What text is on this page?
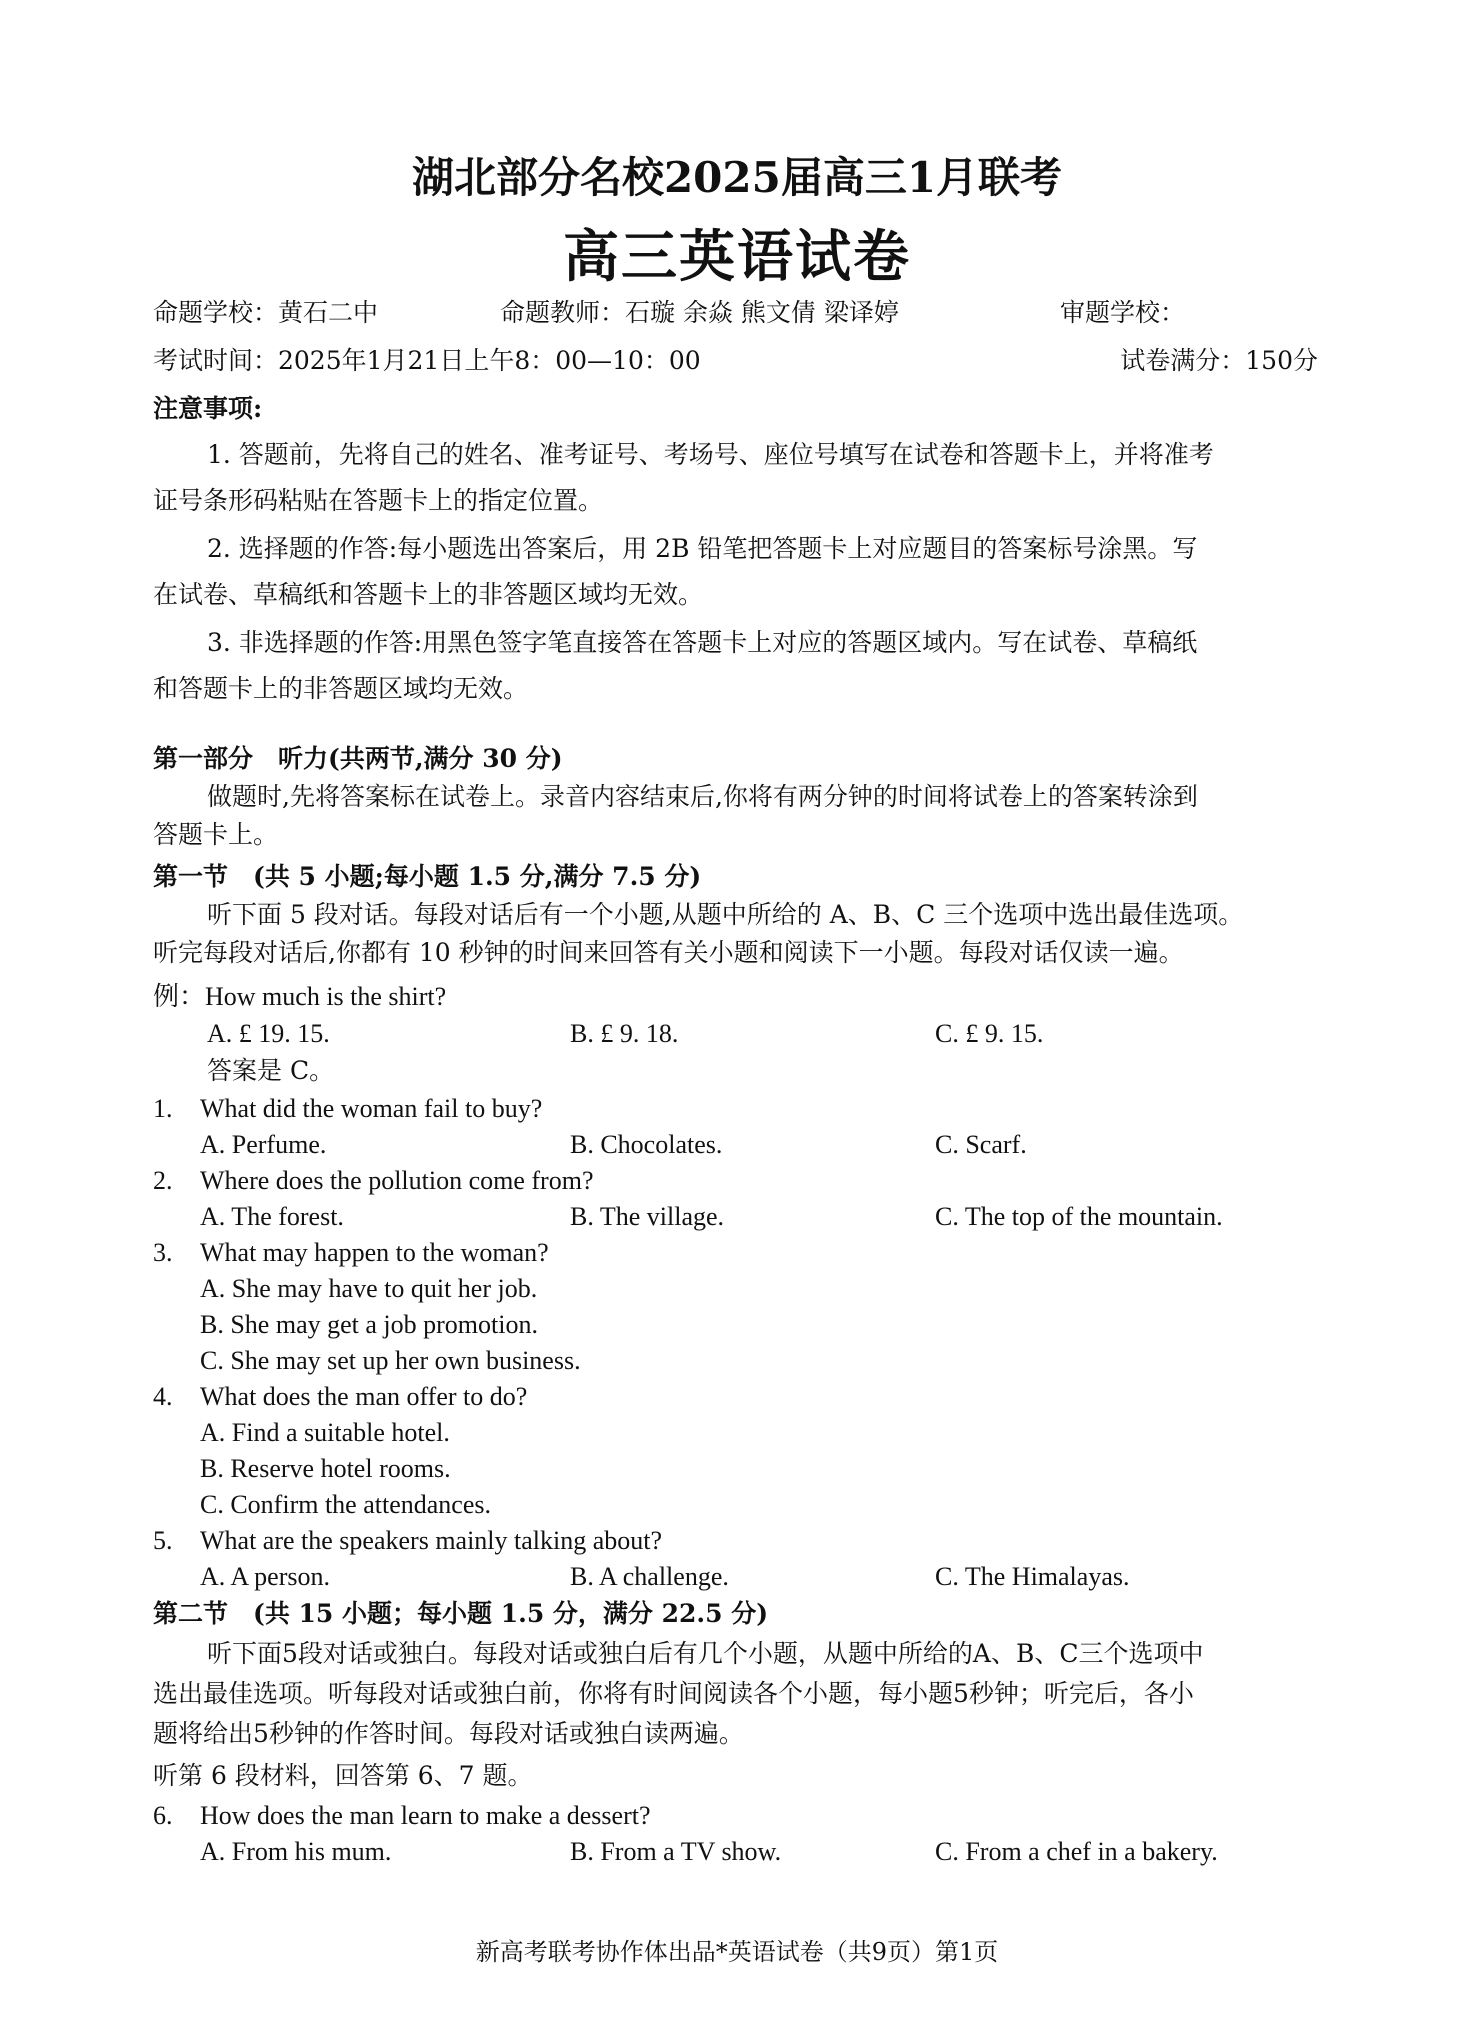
湖北部分名校2025届高三1月联考
高三英语试卷
命题学校：黄石二中	命题教师：石璇 余焱 熊文倩 梁译婷	审题学校：
考试时间：2025年1月21日上午8：00—10：00	试卷满分：150分
注意事项:
1. 答题前，先将自己的姓名、准考证号、考场号、座位号填写在试卷和答题卡上，并将准考
证号条形码粘贴在答题卡上的指定位置。
2. 选择题的作答:每小题选出答案后，用 2B 铅笔把答题卡上对应题目的答案标号涂黑。写
在试卷、草稿纸和答题卡上的非答题区域均无效。
3. 非选择题的作答:用黑色签字笔直接答在答题卡上对应的答题区域内。写在试卷、草稿纸
和答题卡上的非答题区域均无效。
第一部分　听力(共两节,满分 30 分)
做题时,先将答案标在试卷上。录音内容结束后,你将有两分钟的时间将试卷上的答案转涂到
答题卡上。
第一节　(共 5 小题;每小题 1.5 分,满分 7.5 分)
听下面 5 段对话。每段对话后有一个小题,从题中所给的 A、B、C 三个选项中选出最佳选项。
听完每段对话后,你都有 10 秒钟的时间来回答有关小题和阅读下一小题。每段对话仅读一遍。
例：How much is the shirt?
A. £ 19. 15.	B. £ 9. 18.	C. £ 9. 15.
答案是 C。
1. What did the woman fail to buy?
A. Perfume.	B. Chocolates.	C. Scarf.
2. Where does the pollution come from?
A. The forest.	B. The village.	C. The top of the mountain.
3. What may happen to the woman?
A. She may have to quit her job.
B. She may get a job promotion.
C. She may set up her own business.
4. What does the man offer to do?
A. Find a suitable hotel.
B. Reserve hotel rooms.
C. Confirm the attendances.
5. What are the speakers mainly talking about?
A. A person.	B. A challenge.	C. The Himalayas.
第二节　(共 15 小题；每小题 1.5 分，满分 22.5 分)
听下面5段对话或独白。每段对话或独白后有几个小题，从题中所给的A、B、C三个选项中
选出最佳选项。听每段对话或独白前，你将有时间阅读各个小题，每小题5秒钟；听完后，各小
题将给出5秒钟的作答时间。每段对话或独白读两遍。
听第 6 段材料，回答第 6、7 题。
6. How does the man learn to make a dessert?
A. From his mum.	B. From a TV show.	C. From a chef in a bakery.
新高考联考协作体出品*英语试卷（共9页）第1页
